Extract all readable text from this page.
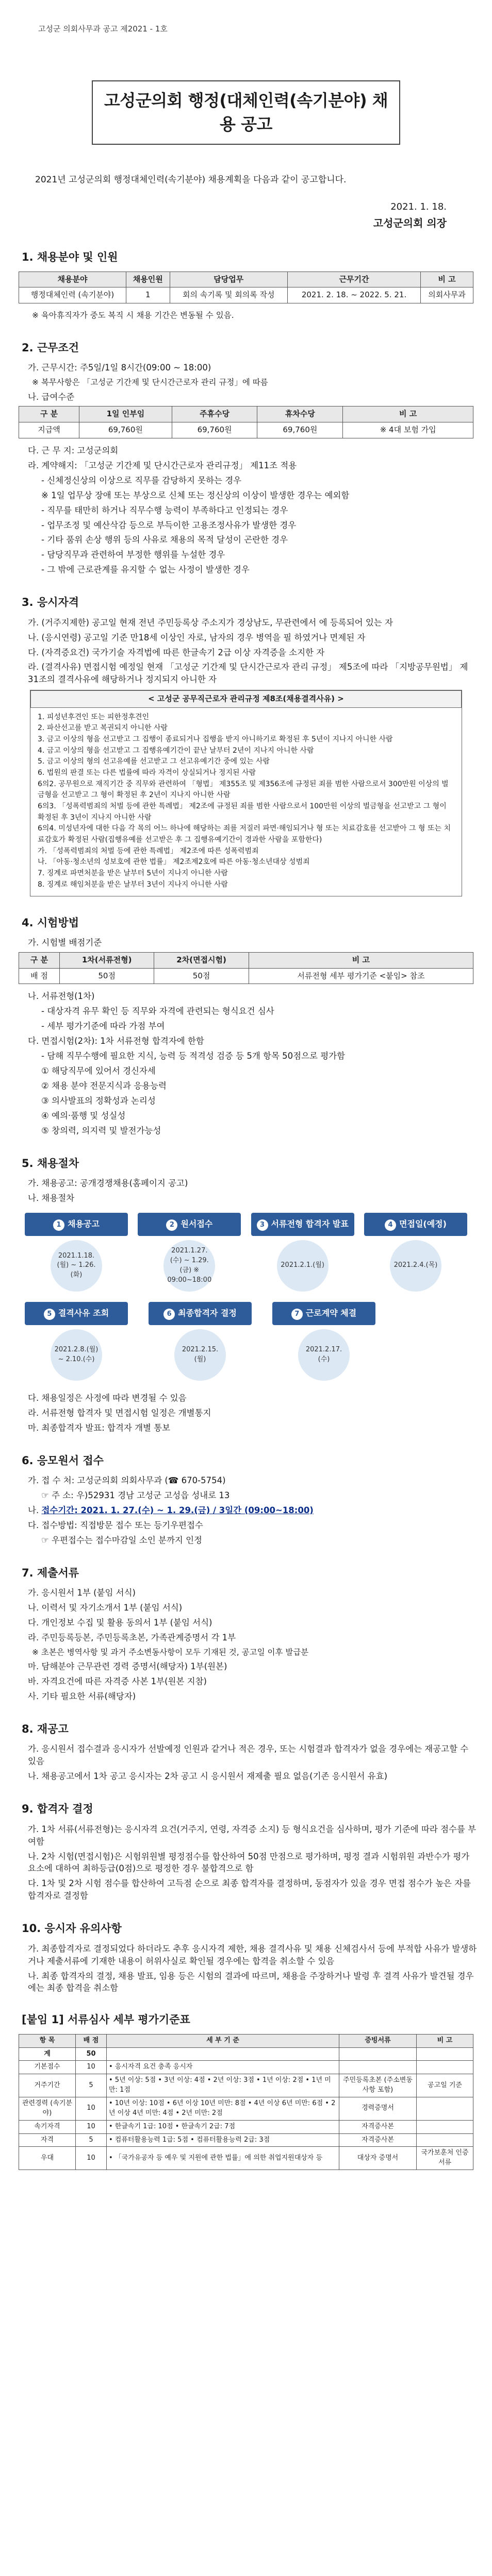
고성군 의회사무과 공고 제2021 - 1호
고성군의회 행정(대체인력(속기분야) 채용 공고
2021년 고성군의회 행정대체인력(속기분야) 채용계획을 다음과 같이 공고합니다.
2021. 1. 18.
고성군의회 의장
1. 채용분야 및 인원
채용분야	채용인원	담당업무	근무기간	비 고
행정대체인력 (속기분야)	1	회의 속기록 및 회의록 작성	2021. 2. 18. ~ 2022. 5. 21.	의회사무과
※ 육아휴직자가 중도 복직 시 채용 기간은 변동될 수 있음.
2. 근무조건
가. 근무시간: 주5일/1일 8시간(09:00 ~ 18:00)
※ 복무사항은 「고성군 기간제 및 단시간근로자 관리 규정」에 따름
나. 급여수준
구 분	1일 인부임	주휴수당	휴차수당	비 고
지급액	69,760원	69,760원	69,760원	※ 4대 보험 가입
다. 근 무 지: 고성군의회
라. 계약해지: 「고성군 기간제 및 단시간근로자 관리규정」 제11조 적용
- 신체정신상의 이상으로 직무를 감당하지 못하는 경우
※ 1일 업무상 장애 또는 부상으로 신체 또는 정신상의 이상이 발생한 경우는 예외함
- 직무를 태만히 하거나 직무수행 능력이 부족하다고 인정되는 경우
- 업무조정 및 예산삭감 등으로 부득이한 고용조정사유가 발생한 경우
- 기타 품위 손상 행위 등의 사유로 채용의 목적 달성이 곤란한 경우
- 담당직무과 관련하여 부정한 행위를 누설한 경우
- 그 밖에 근로관계를 유지할 수 없는 사정이 발생한 경우
3. 응시자격
가. (거주지제한) 공고일 현재 전년 주민등록상 주소지가 경상남도, 무관련에서 에 등록되어 있는 자
나. (응시연령) 공고일 기준 만18세 이상인 자로, 남자의 경우 병역을 필 하였거나 면제된 자
다. (자격증요건) 국가기술 자격법에 따른 한글속기 2급 이상 자격증을 소지한 자
라. (결격사유) 면접시험 예정일 현재 「고성군 기간제 및 단시간근로자 관리 규정」 제5조에 따라 「지방공무원법」 제31조의 결격사유에 해당하거나 정지되지 아니한 자
< 고성군 공무직근로자 관리규정 제8조(채용결격사유) >
1. 피성년후견인 또는 피한정후견인
2. 파산선고를 받고 복권되지 아니한 사람
3. 금고 이상의 형을 선고받고 그 집행이 종료되거나 집행을 받지 아니하기로 확정된 후 5년이 지나지 아니한 사람
4. 금고 이상의 형을 선고받고 그 집행유예기간이 끝난 날부터 2년이 지나지 아니한 사람
5. 금고 이상의 형의 선고유예를 선고받고 그 선고유예기간 중에 있는 사람
6. 법원의 판결 또는 다른 법률에 따라 자격이 상실되거나 정지된 사람
6의2. 공무원으로 재직기간 중 직무와 관련하여 「형법」 제355조 및 제356조에 규정된 죄를 범한 사람으로서 300만원 이상의 벌금형을 선고받고 그 형이 확정된 후 2년이 지나지 아니한 사람
6의3. 「성폭력범죄의 처벌 등에 관한 특례법」 제2조에 규정된 죄를 범한 사람으로서 100만원 이상의 벌금형을 선고받고 그 형이 확정된 후 3년이 지나지 아니한 사람
6의4. 미성년자에 대한 다음 각 목의 어느 하나에 해당하는 죄를 저질러 파면·해임되거나 형 또는 치료감호를 선고받아 그 형 또는 치료감호가 확정된 사람(집행유예를 선고받은 후 그 집행유예기간이 경과한 사람을 포함한다)
가. 「성폭력범죄의 처벌 등에 관한 특례법」 제2조에 따른 성폭력범죄
나. 「아동·청소년의 성보호에 관한 법률」 제2조제2호에 따른 아동·청소년대상 성범죄
7. 징계로 파면처분을 받은 날부터 5년이 지나지 아니한 사람
8. 징계로 해임처분을 받은 날부터 3년이 지나지 아니한 사람
4. 시험방법
가. 시험별 배점기준
구 분	1차(서류전형)	2차(면접시험)	비 고
배 점	50점	50점	서류전형 세부 평가기준 <붙임> 참조
나. 서류전형(1차)
- 대상자격 유무 확인 등 직무와 자격에 관련되는 형식요건 심사
- 세부 평가기준에 따라 가점 부여
다. 면접시험(2차): 1차 서류전형 합격자에 한함
- 담해 직무수행에 필요한 지식, 능력 등 적격성 검증 등 5개 항목 50점으로 평가함
① 해당직무에 있어서 경신자세
② 채용 분야 전문지식과 응용능력
③ 의사발표의 정확성과 논리성
④ 예의·품행 및 성실성
⑤ 창의력, 의지력 및 발전가능성
5. 채용절차
가. 채용공고: 공개경쟁채용(홈페이지 공고)
나. 채용절차
1 채용공고
2021.1.18.(월) ~ 1.26.(화)
2 원서접수
2021.1.27.(수) ~ 1.29.(금) ※ 09:00~18:00
3 서류전형 합격자 발표
2021.2.1.(월)
4 면접일(예정)
2021.2.4.(목)
5 결격사유 조회
2021.2.8.(월) ~ 2.10.(수)
6 최종합격자 결정
2021.2.15.(월)
7 근로계약 체결
2021.2.17.(수)
다. 채용일정은 사정에 따라 변경될 수 있음
라. 서류전형 합격자 및 면접시험 일정은 개별통지
마. 최종합격자 발표: 합격자 개별 통보
6. 응모원서 접수
가. 접 수 처: 고성군의회 의회사무과 (☎ 670-5754)
☞ 주 소: 우)52931 경남 고성군 고성읍 성내로 13
나. 접수기간: 2021. 1. 27.(수) ~ 1. 29.(금) / 3일간 (09:00~18:00)
다. 접수방법: 직접방문 접수 또는 등기우편접수
☞ 우편접수는 접수마감일 소인 분까지 인정
7. 제출서류
가. 응시원서 1부 (붙임 서식)
나. 이력서 및 자기소개서 1부 (붙임 서식)
다. 개인정보 수집 및 활용 동의서 1부 (붙임 서식)
라. 주민등록등본, 주민등록초본, 가족관계증명서 각 1부
※ 초본은 병역사항 및 과거 주소변동사항이 모두 기재된 것, 공고일 이후 발급분
마. 담해분야 근무관련 경력 증명서(해당자) 1부(원본)
바. 자격요건에 따른 자격증 사본 1부(원본 지참)
사. 기타 필요한 서류(해당자)
8. 재공고
가. 응시원서 접수결과 응시자가 선발예정 인원과 같거나 적은 경우, 또는 시험결과 합격자가 없을 경우에는 재공고할 수 있음
나. 채용공고에서 1차 공고 응시자는 2차 공고 시 응시원서 재제출 필요 없음(기존 응시원서 유효)
9. 합격자 결정
가. 1차 서류(서류전형)는 응시자격 요건(거주지, 연령, 자격증 소지) 등 형식요건을 심사하며, 평가 기준에 따라 점수를 부여함
나. 2차 시험(면접시험)은 시험위원별 평정점수를 합산하여 50점 만점으로 평가하며, 평정 결과 시험위원 과반수가 평가요소에 대하여 최하등급(0점)으로 평정한 경우 불합격으로 함
다. 1차 및 2차 시험 점수를 합산하여 고득점 순으로 최종 합격자를 결정하며, 동점자가 있을 경우 면접 점수가 높은 자를 합격자로 결정함
10. 응시자 유의사항
가. 최종합격자로 결정되었다 하더라도 추후 응시자격 제한, 채용 결격사유 및 채용 신체검사서 등에 부적합 사유가 발생하거나 제출서류에 기재한 내용이 허위사실로 확인될 경우에는 합격을 취소할 수 있음
나. 최종 합격자의 결정, 채용 발표, 임용 등은 시험의 결과에 따르며, 채용을 주장하거나 발령 후 결격 사유가 발견될 경우에는 최종 합격을 취소함
[붙임 1] 서류심사 세부 평가기준표
항 목	배 점	세 부 기 준	증빙서류	비 고
계	50			
기본점수	10	• 응시자격 요건 충족 응시자		
거주기간	5	• 5년 이상: 5점 • 3년 이상: 4점 • 2년 이상: 3점 • 1년 이상: 2점 • 1년 미만: 1점	주민등록초본 (주소변동사항 포함)	공고일 기준
관련경력 (속기분야)	10	• 10년 이상: 10점 • 6년 이상 10년 미만: 8점 • 4년 이상 6년 미만: 6점 • 2년 이상 4년 미만: 4점 • 2년 미만: 2점	경력증명서	
속기자격	10	• 한글속기 1급: 10점 • 한글속기 2급: 7점	자격증사본	
자격	5	• 컴퓨터활용능력 1급: 5점 • 컴퓨터활용능력 2급: 3점	자격증사본	
우대	10	• 「국가유공자 등 예우 및 지원에 관한 법률」에 의한 취업지원대상자 등	대상자 증명서	국가보훈처 인증서류
